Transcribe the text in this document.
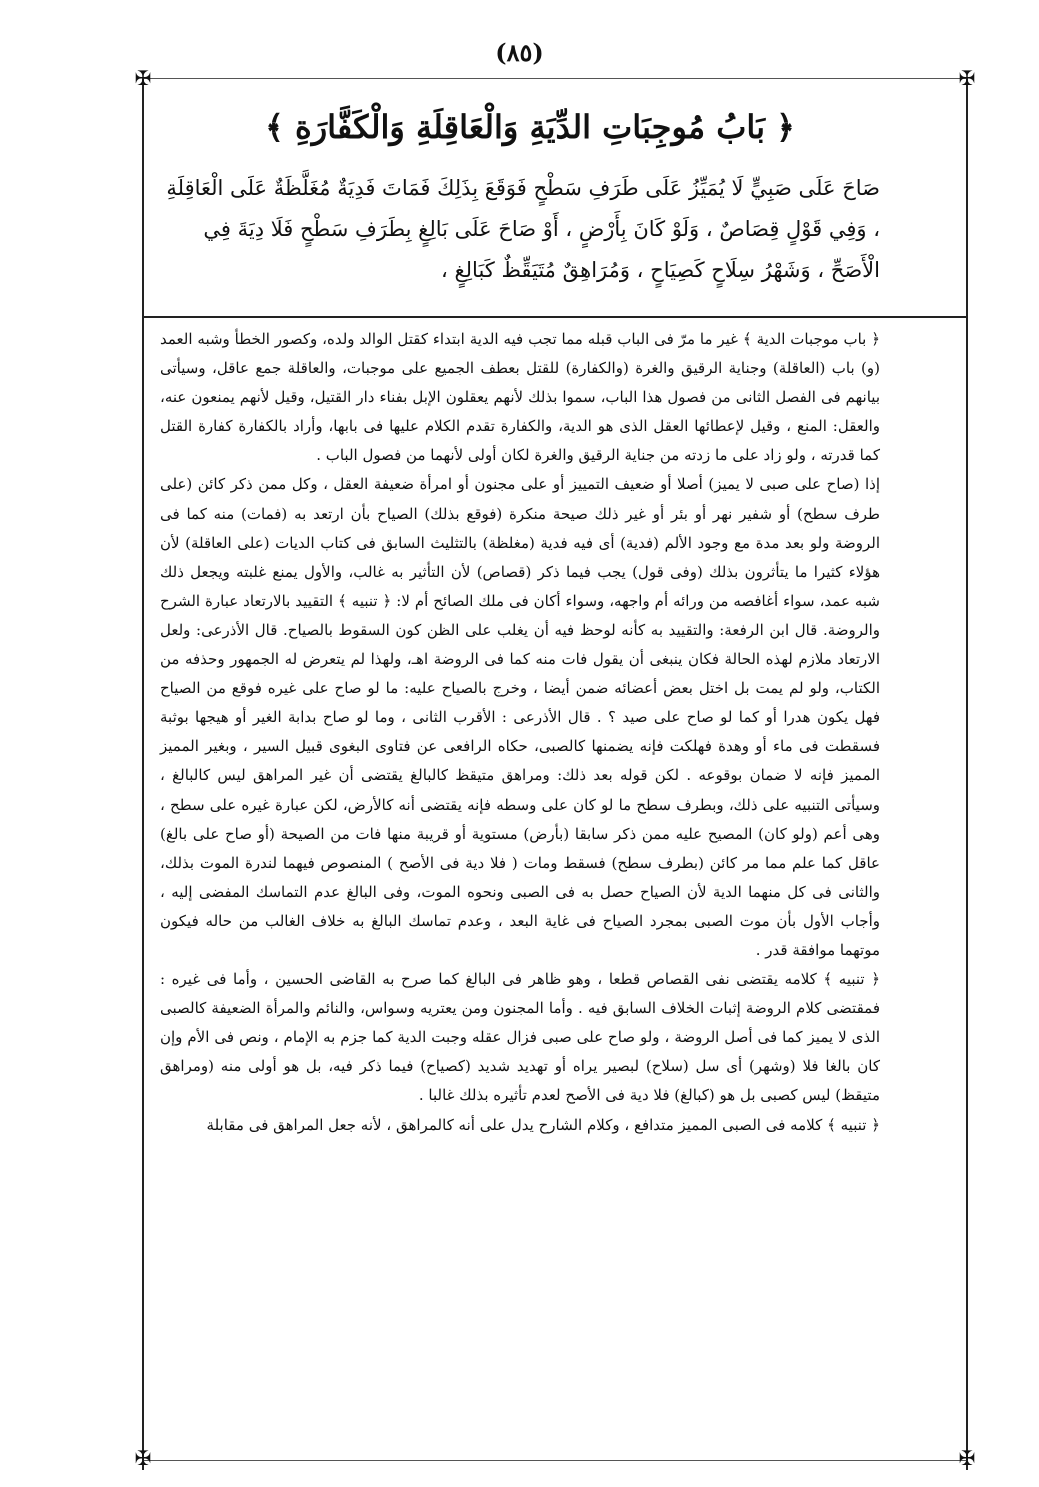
(٨٥)
✠	✠
✠	✠
﴿ بَابُ مُوجِبَاتِ الدِّيَةِ وَالْعَاقِلَةِ وَالْكَفَّارَةِ ﴾

صَاحَ عَلَى صَبِيٍّ لَا يُمَيِّزُ عَلَى طَرَفِ سَطْحٍ فَوَقَعَ بِذَلِكَ فَمَاتَ فَدِيَةٌ مُغَلَّظَةٌ عَلَى الْعَاقِلَةِ ، وَفِي قَوْلٍ قِصَاصٌ ، وَلَوْ كَانَ بِأَرْضٍ ، أَوْ صَاحَ عَلَى بَالِغٍ بِطَرَفِ سَطْحٍ فَلَا دِيَةَ فِي الْأَصَحِّ ، وَشَهْرُ سِلَاحٍ كَصِيَاحٍ ، وَمُرَاهِقٌ مُتَيَقِّظٌ كَبَالِغٍ ،

﴿ باب موجبات الدية ﴾ غير ما مرّ فى الباب قبله مما تجب فيه الدية ابتداء كقتل الوالد ولده، وكصور الخطأ وشبه العمد (و) باب (العاقلة) وجناية الرقيق والغرة (والكفارة) للقتل بعطف الجميع على موجبات، والعاقلة جمع عاقل، وسيأتى بيانهم فى الفصل الثانى من فصول هذا الباب، سموا بذلك لأنهم يعقلون الإبل بفناء دار القتيل، وقيل لأنهم يمنعون عنه، والعقل: المنع ، وقيل لإعطائها العقل الذى هو الدية، والكفارة تقدم الكلام عليها فى بابها، وأراد بالكفارة كفارة القتل كما قدرته ، ولو زاد على ما زدته من جناية الرقيق والغرة لكان أولى لأنهما من فصول الباب .

إذا (صاح على صبى لا يميز) أصلا أو ضعيف التمييز أو على مجنون أو امرأة ضعيفة العقل ، وكل ممن ذكر كائن (على طرف سطح) أو شفير نهر أو بئر أو غير ذلك صيحة منكرة (فوقع بذلك) الصياح بأن ارتعد به (فمات) منه كما فى الروضة ولو بعد مدة مع وجود الألم (فدية) أى فيه فدية (مغلظة) بالتثليث السابق فى كتاب الديات (على العاقلة) لأن هؤلاء كثيرا ما يتأثرون بذلك (وفى قول) يجب فيما ذكر (قصاص) لأن التأثير به غالب، والأول يمنع غلبته ويجعل ذلك شبه عمد، سواء أغافصه من ورائه أم واجهه، وسواء أكان فى ملك الصائح أم لا: ﴿ تنبيه ﴾ التقييد بالارتعاد عبارة الشرح والروضة. قال ابن الرفعة: والتقييد به كأنه لوحظ فيه أن يغلب على الظن كون السقوط بالصياح. قال الأذرعى: ولعل الارتعاد ملازم لهذه الحالة فكان ينبغى أن يقول فات منه كما فى الروضة اهـ، ولهذا لم يتعرض له الجمهور وحذفه من الكتاب، ولو لم يمت بل اختل بعض أعضائه ضمن أيضا ، وخرج بالصياح عليه: ما لو صاح على غيره فوقع من الصياح فهل يكون هدرا أو كما لو صاح على صيد ؟ . قال الأذرعى : الأقرب الثانى ، وما لو صاح بدابة الغير أو هيجها بوثبة فسقطت فى ماء أو وهدة فهلكت فإنه يضمنها كالصبى، حكاه الرافعى عن فتاوى البغوى قبيل السير ، وبغير المميز المميز فإنه لا ضمان بوقوعه . لكن قوله بعد ذلك: ومراهق متيقظ كالبالغ يقتضى أن غير المراهق ليس كالبالغ ، وسيأتى التنبيه على ذلك، وبطرف سطح ما لو كان على وسطه فإنه يقتضى أنه كالأرض، لكن عبارة غيره على سطح ، وهى أعم (ولو كان) المصيح عليه ممن ذكر سابقا (بأرض) مستوية أو قريبة منها فات من الصيحة (أو صاح على بالغ) عاقل كما علم مما مر كائن (بطرف سطح) فسقط ومات ( فلا دية فى الأصح ) المنصوص فيهما لندرة الموت بذلك، والثانى فى كل منهما الدية لأن الصياح حصل به فى الصبى ونحوه الموت، وفى البالغ عدم التماسك المفضى إليه ، وأجاب الأول بأن موت الصبى بمجرد الصياح فى غاية البعد ، وعدم تماسك البالغ به خلاف الغالب من حاله فيكون موتهما موافقة قدر .

﴿ تنبيه ﴾ كلامه يقتضى نفى القصاص قطعا ، وهو ظاهر فى البالغ كما صرح به القاضى الحسين ، وأما فى غيره : فمقتضى كلام الروضة إثبات الخلاف السابق فيه . وأما المجنون ومن يعتريه وسواس، والنائم والمرأة الضعيفة كالصبى الذى لا يميز كما فى أصل الروضة ، ولو صاح على صبى فزال عقله وجبت الدية كما جزم به الإمام ، ونص فى الأم وإن كان بالغا فلا (وشهر) أى سل (سلاح) لبصير يراه أو تهديد شديد (كصياح) فيما ذكر فيه، بل هو أولى منه (ومراهق متيقظ) ليس كصبى بل هو (كبالغ) فلا دية فى الأصح لعدم تأثيره بذلك غالبا .

﴿ تنبيه ﴾ كلامه فى الصبى المميز متدافع ، وكلام الشارح يدل على أنه كالمراهق ، لأنه جعل المراهق فى مقابلة
